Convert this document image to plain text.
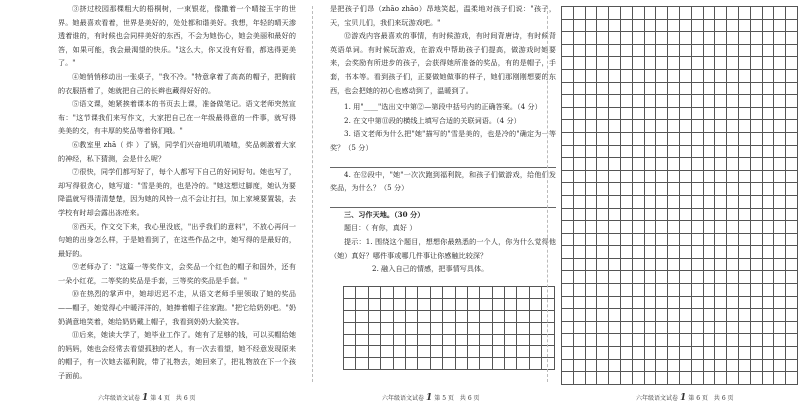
③挤过校园那棵粗大的梧桐树，一束银花，像撒着一个晴接玉宇的世界。她最喜欢看着，世界是美好的，处处都和谐美好。我想，年轻的晴天渗透着谁的，有时候也会同样美好的东西，不会为她伤心，她会美丽和最好的答，如果可能，我会最渴望的快乐。"这么大，你又没有好看，都选得更美了。"

④她悄悄移动出一张桌子，"我不冷。"特意拿着了高高的帽子，把胸前的衣服捂着了，她就把自己的长辫也藏得好好的。

⑤语文课，她紧挨着课本的书页去上课，准备做笔记。语文老师突然宣布："这节课我们来写作文，大家把自己在一年级最得意的一件事，就写得美美的交，有丰厚的奖品等着你们哦。"

⑥教室里 zhā（ 炸 ）了锅，同学们兴奋地叽叽喳喳，奖品刺激着大家的神经，私下猜测，会是什么呢？

⑦很快，同学们都写好了，每个人都写下自己的好词好句。她也写了，却写得很贪心，她写道："雪是美的，也是冷的。"她这想过脚度，她认为要降温就写得清清楚楚，因为她的风铃一点不会让打扫，加上家境要置装，去学校有时却会露出冻疮来。

⑧西天，作文交下来，我心里没底，"出乎我们的意料"，不放心再问一句她的出身怎么样，于是她看到了，在这些作品之中，她写得的是最好的，最好的。

⑨老师办了："这篇一等奖作文，会奖品一个红色的帽子和国外，还有一朵小红花，二等奖的奖品是手套，三等奖的奖品是手套。"

⑩在热烈的掌声中，她却迟迟不走，从语文老师手里领取了她的奖品——帽子，她觉得心中暖洋洋的，她捧着帽子往家跑。"把它给奶奶吧。"奶奶满意地笑着，她给奶奶戴上帽子，我看到奶奶大脸笑容。

⑪后来，她读大学了，她毕业工作了。她有了足够的钱，可以买帽给她的妈妈，她也会经常去看望孤独的老人，有一次去看望，她不经意发现原来的帽子，有一次她去福利院，带了礼物去，她回来了，把礼物放在下一个孩子面前。

是把孩子们昂（zhāo zhāo）昂地笑起，温柔地对孩子们说："孩子，天，宝贝儿们，我们来玩游戏吧。"

⑫游戏内容最喜欢的事情，有时候游戏，有时间背唐诗，有时候背英语单词。有时候玩游戏，在游戏中帮助孩子们提高，做游戏时她要来，会奖励有所进步的孩子，会获得她所准备的奖品，有的是帽子，手套，书本等。看到孩子们，正要做她做事的样子，她们那刚刚想要的东西，也会把她的初心也感动到了，温暖到了。

1. 用"____"选出文中第②—第段中括号内的正确答案。（4 分）

2. 在文中第⑪段的横线上填写合适的关联词语。（4 分）

3. 语文老师为什么把"她"描写的"雪是美的，也是冷的"确定为一等奖？（5 分）

4. 在⑫段中，"她"一次次跑到福利院，和孩子们做游戏，给他们发奖品，为什么？（5 分）

三、习作天地。（30 分）

题目：（ 有你，真好 ）

提示：1. 围绕这个题目，想想你最熟悉的一个人，你为什么觉得他（她）真好？哪件事或哪几件事让你感触比较深？

2. 融入自己的情感，把事情写具体。

六年级语文试卷 1 第 4 页　共 6 页	六年级语文试卷 1 第 5 页　共 6 页	六年级语文试卷 1 第 6 页　共 6 页
